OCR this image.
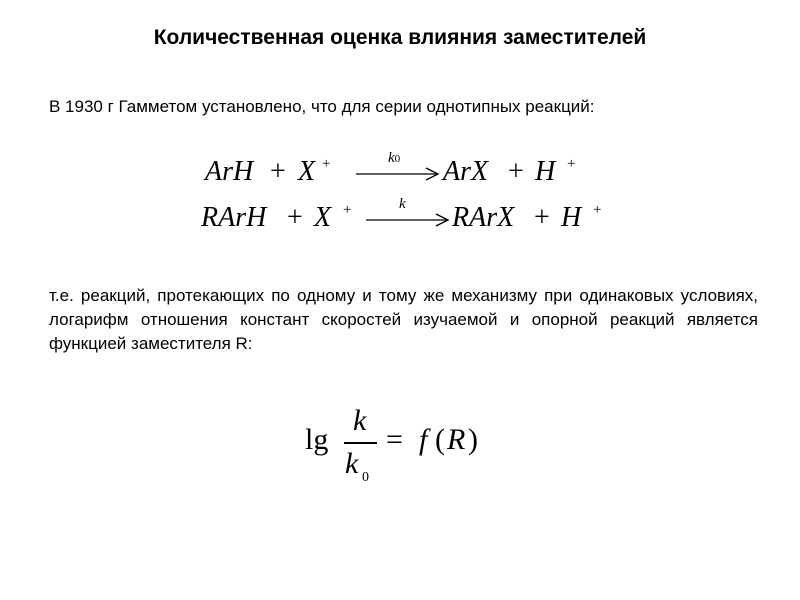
Количественная оценка влияния заместителей
В 1930 г Гамметом установлено, что для серии однотипных реакций:
ArH + X +	k0 ArX + H +
RArH + X +	k RArX + H +
т.е. реакций, протекающих по одному и тому же механизму при одинаковых условиях, логарифм отношения констант скоростей изучаемой и опорной реакций является функцией заместителя R:
lg
k
k 0
= f ( R )
